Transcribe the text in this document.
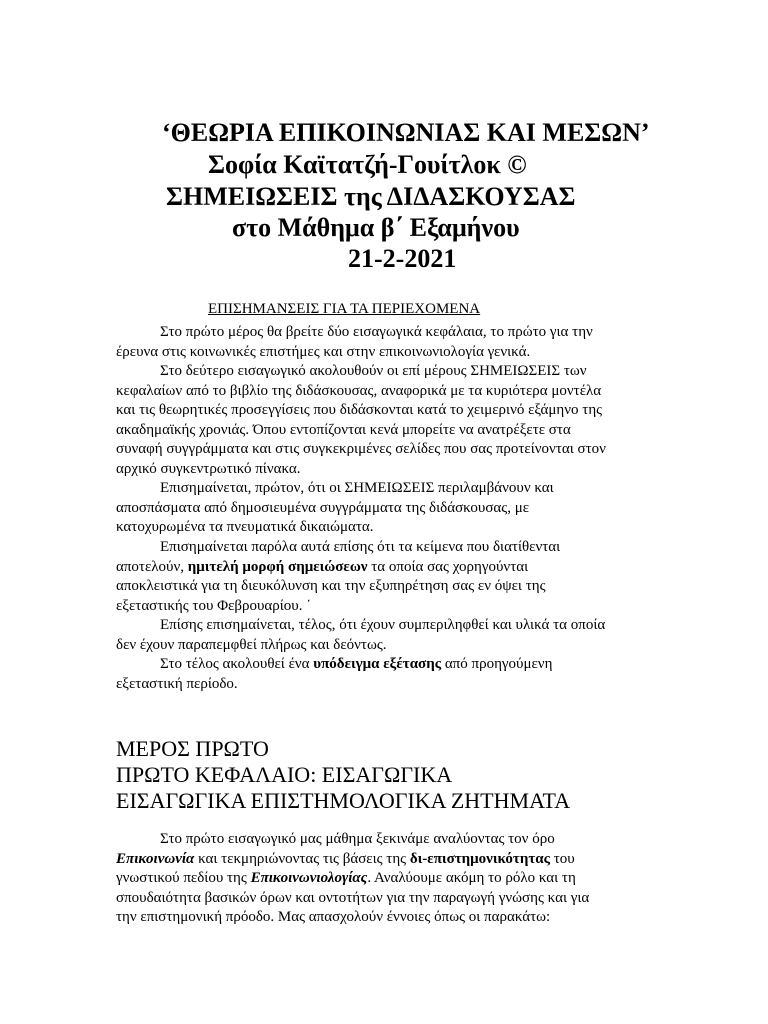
‘ΘΕΩΡΙΑ ΕΠΙΚΟΙΝΩΝΙΑΣ ΚΑΙ ΜΕΣΩΝ’
Σοφία Καϊτατζή-Γουίτλοκ ©
ΣΗΜΕΙΩΣΕΙΣ της ΔΙΔΑΣΚΟΥΣΑΣ
στο Μάθημα β΄ Εξαμήνου
21-2-2021
ΕΠΙΣΗΜΑΝΣΕΙΣ ΓΙΑ ΤΑ ΠΕΡΙΕΧΟΜΕΝΑ

Στο πρώτο μέρος θα βρείτε δύο εισαγωγικά κεφάλαια, το πρώτο για την
έρευνα στις κοινωνικές επιστήμες και στην επικοινωνιολογία γενικά.

Στο δεύτερο εισαγωγικό ακολουθούν οι επί μέρους ΣΗΜΕΙΩΣΕΙΣ των
κεφαλαίων από το βιβλίο της διδάσκουσας, αναφορικά με τα κυριότερα μοντέλα
και τις θεωρητικές προσεγγίσεις που διδάσκονται κατά το χειμερινό εξάμηνο της
ακαδημαϊκής χρονιάς. Όπου εντοπίζονται κενά μπορείτε να ανατρέξετε στα
συναφή συγγράμματα και στις συγκεκριμένες σελίδες που σας προτείνονται στον
αρχικό συγκεντρωτικό πίνακα.

Επισημαίνεται, πρώτον, ότι οι ΣΗΜΕΙΩΣΕΙΣ περιλαμβάνουν και
αποσπάσματα από δημοσιευμένα συγγράμματα της διδάσκουσας, με
κατοχυρωμένα τα πνευματικά δικαιώματα.

Επισημαίνεται παρόλα αυτά επίσης ότι τα κείμενα που διατίθενται
αποτελούν, ημιτελή μορφή σημειώσεων τα οποία σας χορηγούνται
αποκλειστικά για τη διευκόλυνση και την εξυπηρέτηση σας εν όψει της
εξεταστικής του Φεβρουαρίου. ΄

Επίσης επισημαίνεται, τέλος, ότι έχουν συμπεριληφθεί και υλικά τα οποία
δεν έχουν παραπεμφθεί πλήρως και δεόντως.

Στο τέλος ακολουθεί ένα υπόδειγμα εξέτασης από προηγούμενη
εξεταστική περίοδο.

ΜΕΡΟΣ ΠΡΩΤΟ
ΠΡΩΤΟ ΚΕΦΑΛΑΙΟ: ΕΙΣΑΓΩΓΙΚΑ
ΕΙΣΑΓΩΓΙΚΑ ΕΠΙΣΤΗΜΟΛΟΓΙΚΑ ΖΗΤΗΜΑΤΑ

Στο πρώτο εισαγωγικό μας μάθημα ξεκινάμε αναλύοντας τον όρο
Επικοινωνία και τεκμηριώνοντας τις βάσεις της δι-επιστημονικότητας του
γνωστικού πεδίου της Επικοινωνιολογίας. Αναλύουμε ακόμη το ρόλο και τη
σπουδαιότητα βασικών όρων και οντοτήτων για την παραγωγή γνώσης και για
την επιστημονική πρόοδο. Μας απασχολούν έννοιες όπως οι παρακάτω:
